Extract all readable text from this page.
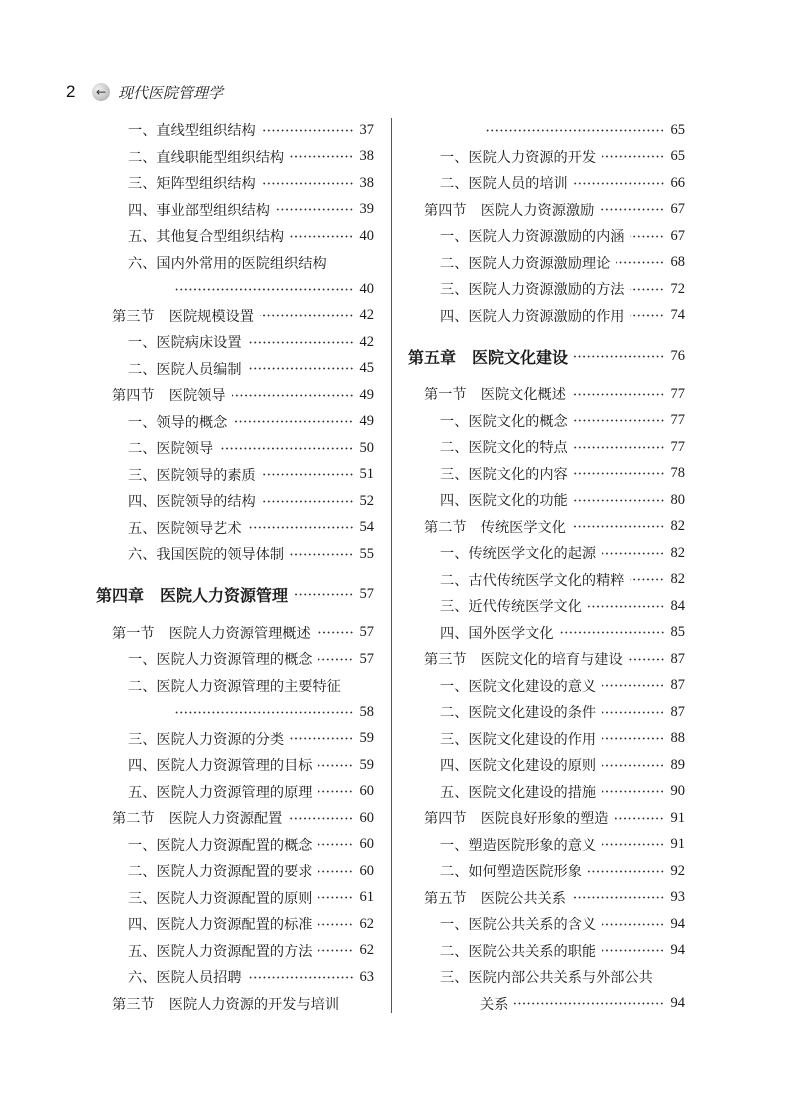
2	← 现代医院管理学
一、直线型组织结构	37
二、直线职能型组织结构	38
三、矩阵型组织结构	38
四、事业部型组织结构	39
五、其他复合型组织结构	40
六、国内外常用的医院组织结构
40
第三节　医院规模设置	42
一、医院病床设置	42
二、医院人员编制	45
第四节　医院领导	49
一、领导的概念	49
二、医院领导	50
三、医院领导的素质	51
四、医院领导的结构	52
五、医院领导艺术	54
六、我国医院的领导体制	55
第四章　医院人力资源管理	57
第一节　医院人力资源管理概述	57
一、医院人力资源管理的概念	57
二、医院人力资源管理的主要特征
58
三、医院人力资源的分类	59
四、医院人力资源管理的目标	59
五、医院人力资源管理的原理	60
第二节　医院人力资源配置	60
一、医院人力资源配置的概念	60
二、医院人力资源配置的要求	60
三、医院人力资源配置的原则	61
四、医院人力资源配置的标准	62
五、医院人力资源配置的方法	62
六、医院人员招聘	63
第三节　医院人力资源的开发与培训
65
一、医院人力资源的开发	65
二、医院人员的培训	66
第四节　医院人力资源激励	67
一、医院人力资源激励的内涵	67
二、医院人力资源激励理论	68
三、医院人力资源激励的方法	72
四、医院人力资源激励的作用	74
第五章　医院文化建设	76
第一节　医院文化概述	77
一、医院文化的概念	77
二、医院文化的特点	77
三、医院文化的内容	78
四、医院文化的功能	80
第二节　传统医学文化	82
一、传统医学文化的起源	82
二、古代传统医学文化的精粹	82
三、近代传统医学文化	84
四、国外医学文化	85
第三节　医院文化的培育与建设	87
一、医院文化建设的意义	87
二、医院文化建设的条件	87
三、医院文化建设的作用	88
四、医院文化建设的原则	89
五、医院文化建设的措施	90
第四节　医院良好形象的塑造	91
一、塑造医院形象的意义	91
二、如何塑造医院形象	92
第五节　医院公共关系	93
一、医院公共关系的含义	94
二、医院公共关系的职能	94
三、医院内部公共关系与外部公共
关系	94
